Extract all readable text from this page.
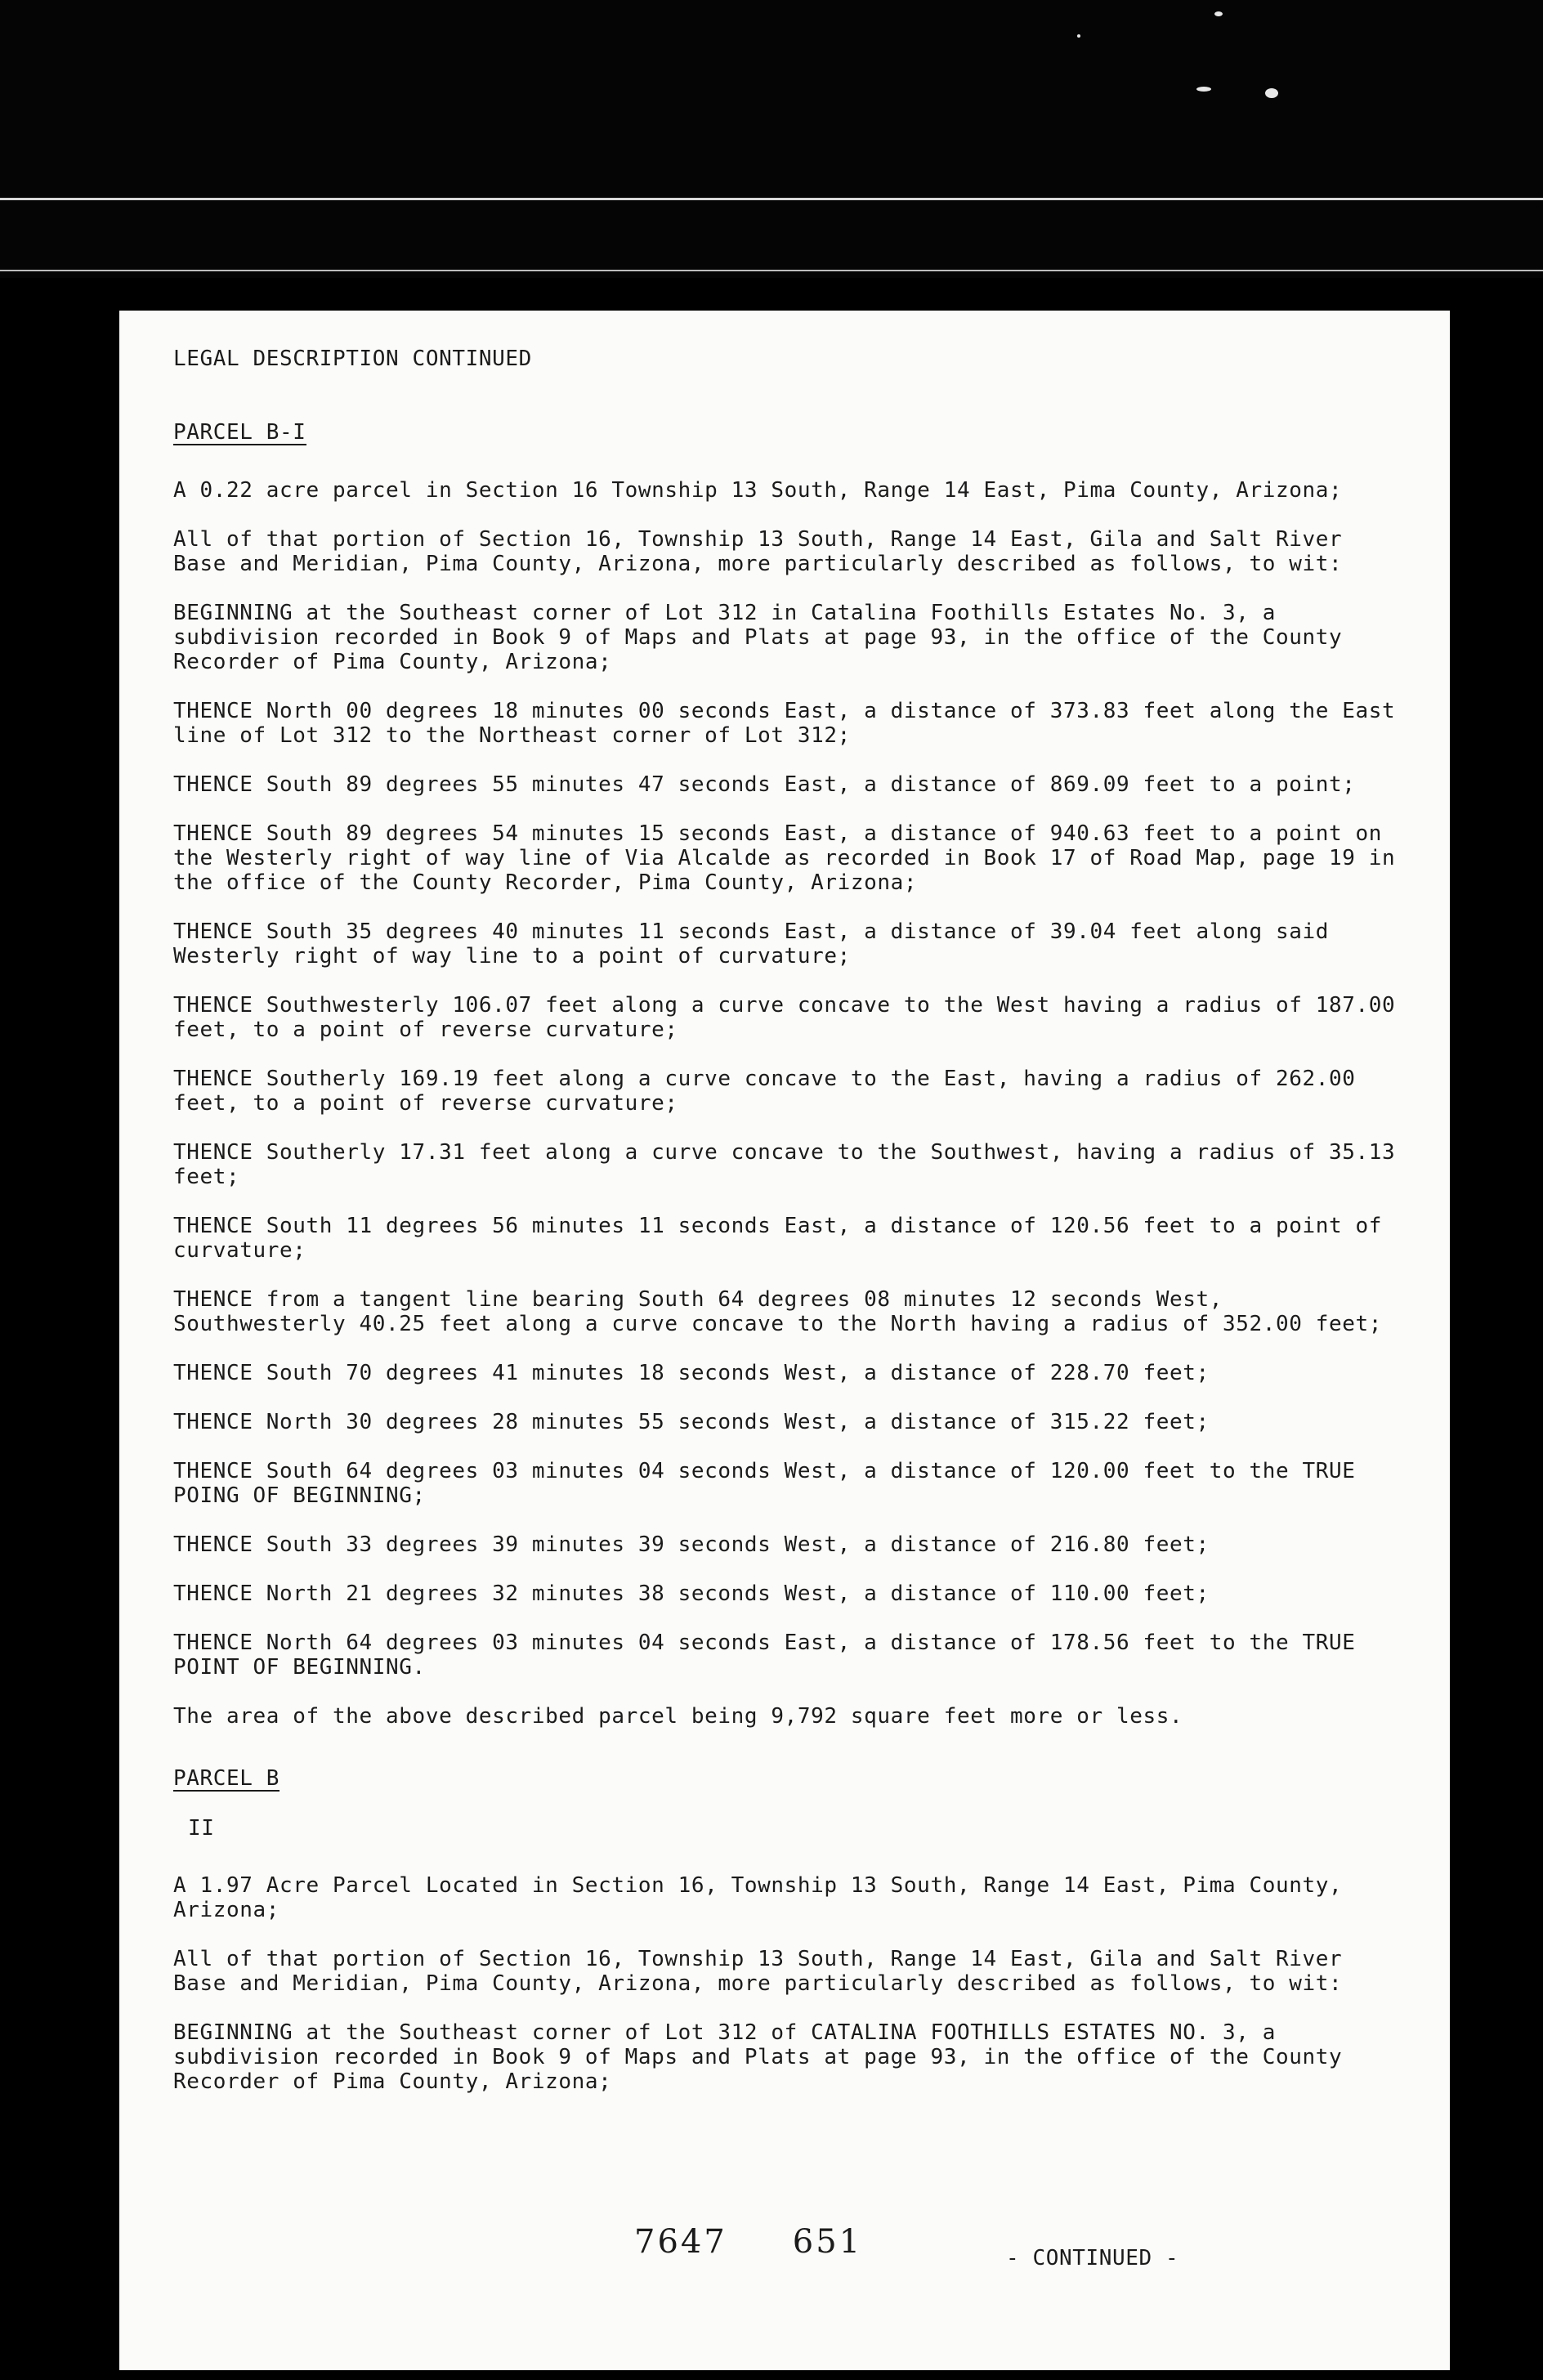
LEGAL DESCRIPTION CONTINUED
PARCEL B-I

A 0.22 acre parcel in Section 16 Township 13 South, Range 14 East, Pima County, Arizona;

All of that portion of Section 16, Township 13 South, Range 14 East, Gila and Salt River Base and Meridian, Pima County, Arizona, more particularly described as follows, to wit:

BEGINNING at the Southeast corner of Lot 312 in Catalina Foothills Estates No. 3, a subdivision recorded in Book 9 of Maps and Plats at page 93, in the office of the County Recorder of Pima County, Arizona;

THENCE North 00 degrees 18 minutes 00 seconds East, a distance of 373.83 feet along the East line of Lot 312 to the Northeast corner of Lot 312;

THENCE South 89 degrees 55 minutes 47 seconds East, a distance of 869.09 feet to a point;

THENCE South 89 degrees 54 minutes 15 seconds East, a distance of 940.63 feet to a point on the Westerly right of way line of Via Alcalde as recorded in Book 17 of Road Map, page 19 in the office of the County Recorder, Pima County, Arizona;

THENCE South 35 degrees 40 minutes 11 seconds East, a distance of 39.04 feet along said Westerly right of way line to a point of curvature;

THENCE Southwesterly 106.07 feet along a curve concave to the West having a radius of 187.00 feet, to a point of reverse curvature;

THENCE Southerly 169.19 feet along a curve concave to the East, having a radius of 262.00 feet, to a point of reverse curvature;

THENCE Southerly 17.31 feet along a curve concave to the Southwest, having a radius of 35.13 feet;

THENCE South 11 degrees 56 minutes 11 seconds East, a distance of 120.56 feet to a point of curvature;

THENCE from a tangent line bearing South 64 degrees 08 minutes 12 seconds West, Southwesterly 40.25 feet along a curve concave to the North having a radius of 352.00 feet;

THENCE South 70 degrees 41 minutes 18 seconds West, a distance of 228.70 feet;

THENCE North 30 degrees 28 minutes 55 seconds West, a distance of 315.22 feet;

THENCE South 64 degrees 03 minutes 04 seconds West, a distance of 120.00 feet to the TRUE POING OF BEGINNING;

THENCE South 33 degrees 39 minutes 39 seconds West, a distance of 216.80 feet;

THENCE North 21 degrees 32 minutes 38 seconds West, a distance of 110.00 feet;

THENCE North 64 degrees 03 minutes 04 seconds East, a distance of 178.56 feet to the TRUE POINT OF BEGINNING.

The area of the above described parcel being 9,792 square feet more or less.

PARCEL B
II

A 1.97 Acre Parcel Located in Section 16, Township 13 South, Range 14 East, Pima County, Arizona;

All of that portion of Section 16, Township 13 South, Range 14 East, Gila and Salt River Base and Meridian, Pima County, Arizona, more particularly described as follows, to wit:

BEGINNING at the Southeast corner of Lot 312 of CATALINA FOOTHILLS ESTATES NO. 3, a subdivision recorded in Book 9 of Maps and Plats at page 93, in the office of the County Recorder of Pima County, Arizona;

7647 651	- CONTINUED -
